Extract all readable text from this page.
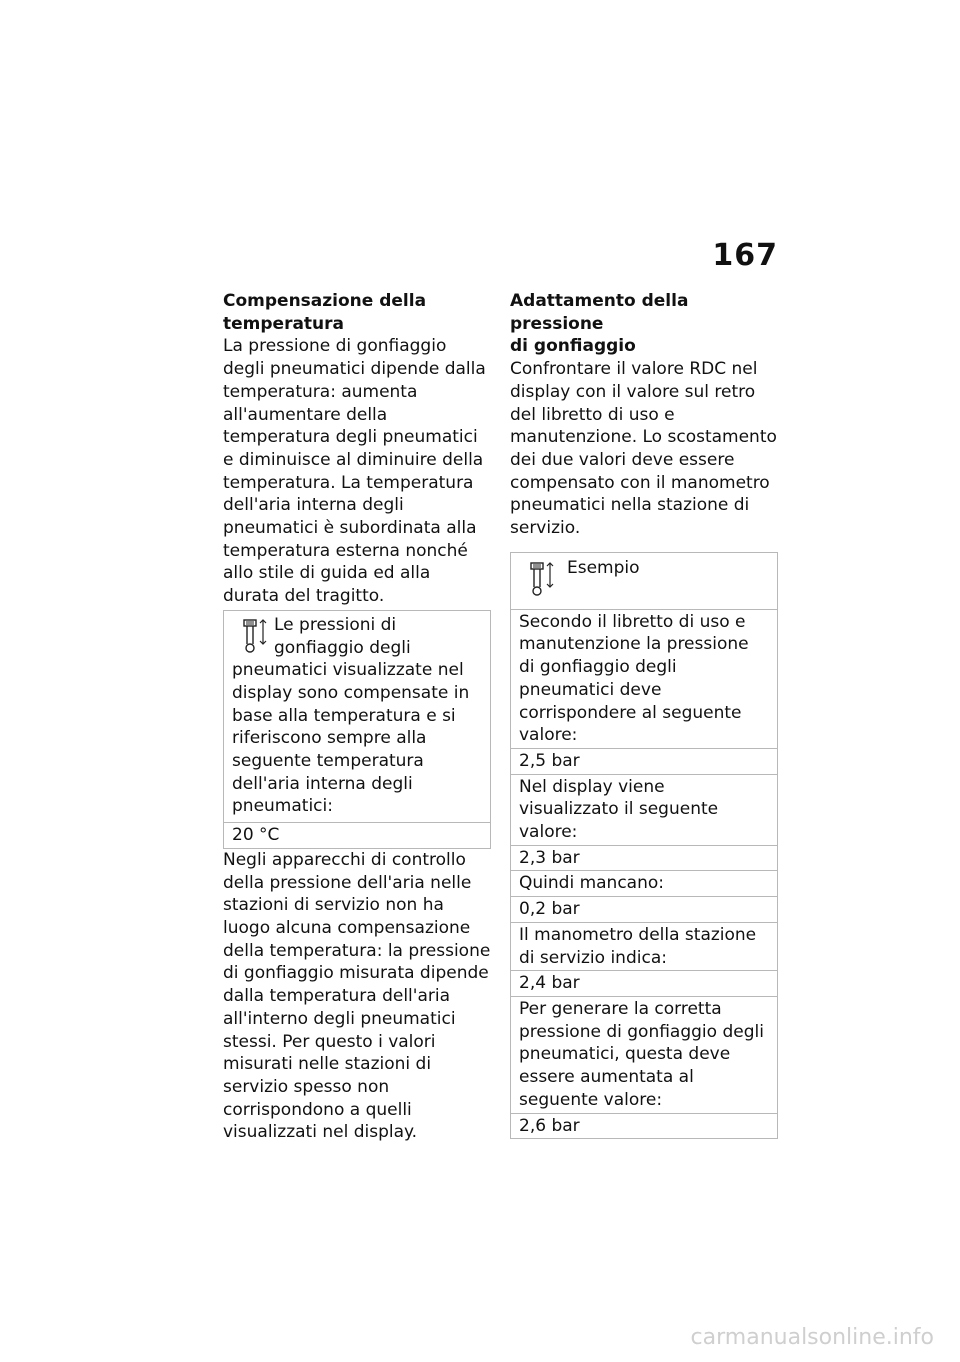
167
Compensazione della
temperatura

La pressione di gonfiaggio degli pneumatici dipende dalla temperatura: aumenta all'aumentare della temperatura degli pneumatici e diminuisce al diminuire della temperatura. La temperatura dell'aria interna degli pneumatici è subordinata alla temperatura esterna nonché allo stile di guida ed alla durata del tragitto.

Le pressioni di gonfiaggio degli pneumatici visualizzate nel display sono compensate in base alla temperatura e si riferiscono sempre alla seguente temperatura dell'aria interna degli pneumatici:
20 °C

Negli apparecchi di controllo della pressione dell'aria nelle stazioni di servizio non ha luogo alcuna compensazione della temperatura: la pressione di gonfiaggio misurata dipende dalla temperatura dell'aria all'interno degli pneumatici stessi. Per questo i valori misurati nelle stazioni di servizio spesso non corrispondono a quelli visualizzati nel display.

Adattamento della pressione
di gonfiaggio

Confrontare il valore RDC nel display con il valore sul retro del libretto di uso e manutenzione. Lo scostamento dei due valori deve essere compensato con il manometro pneumatici nella stazione di servizio.

Esempio
Secondo il libretto di uso e manutenzione la pressione di gonfiaggio degli pneumatici deve corrispondere al seguente valore:
2,5 bar
Nel display viene visualizzato il seguente valore:
2,3 bar
Quindi mancano:
0,2 bar
Il manometro della stazione di servizio indica:
2,4 bar
Per generare la corretta pressione di gonfiaggio degli pneumatici, questa deve essere aumentata al seguente valore:
2,6 bar
carmanualsonline.info
